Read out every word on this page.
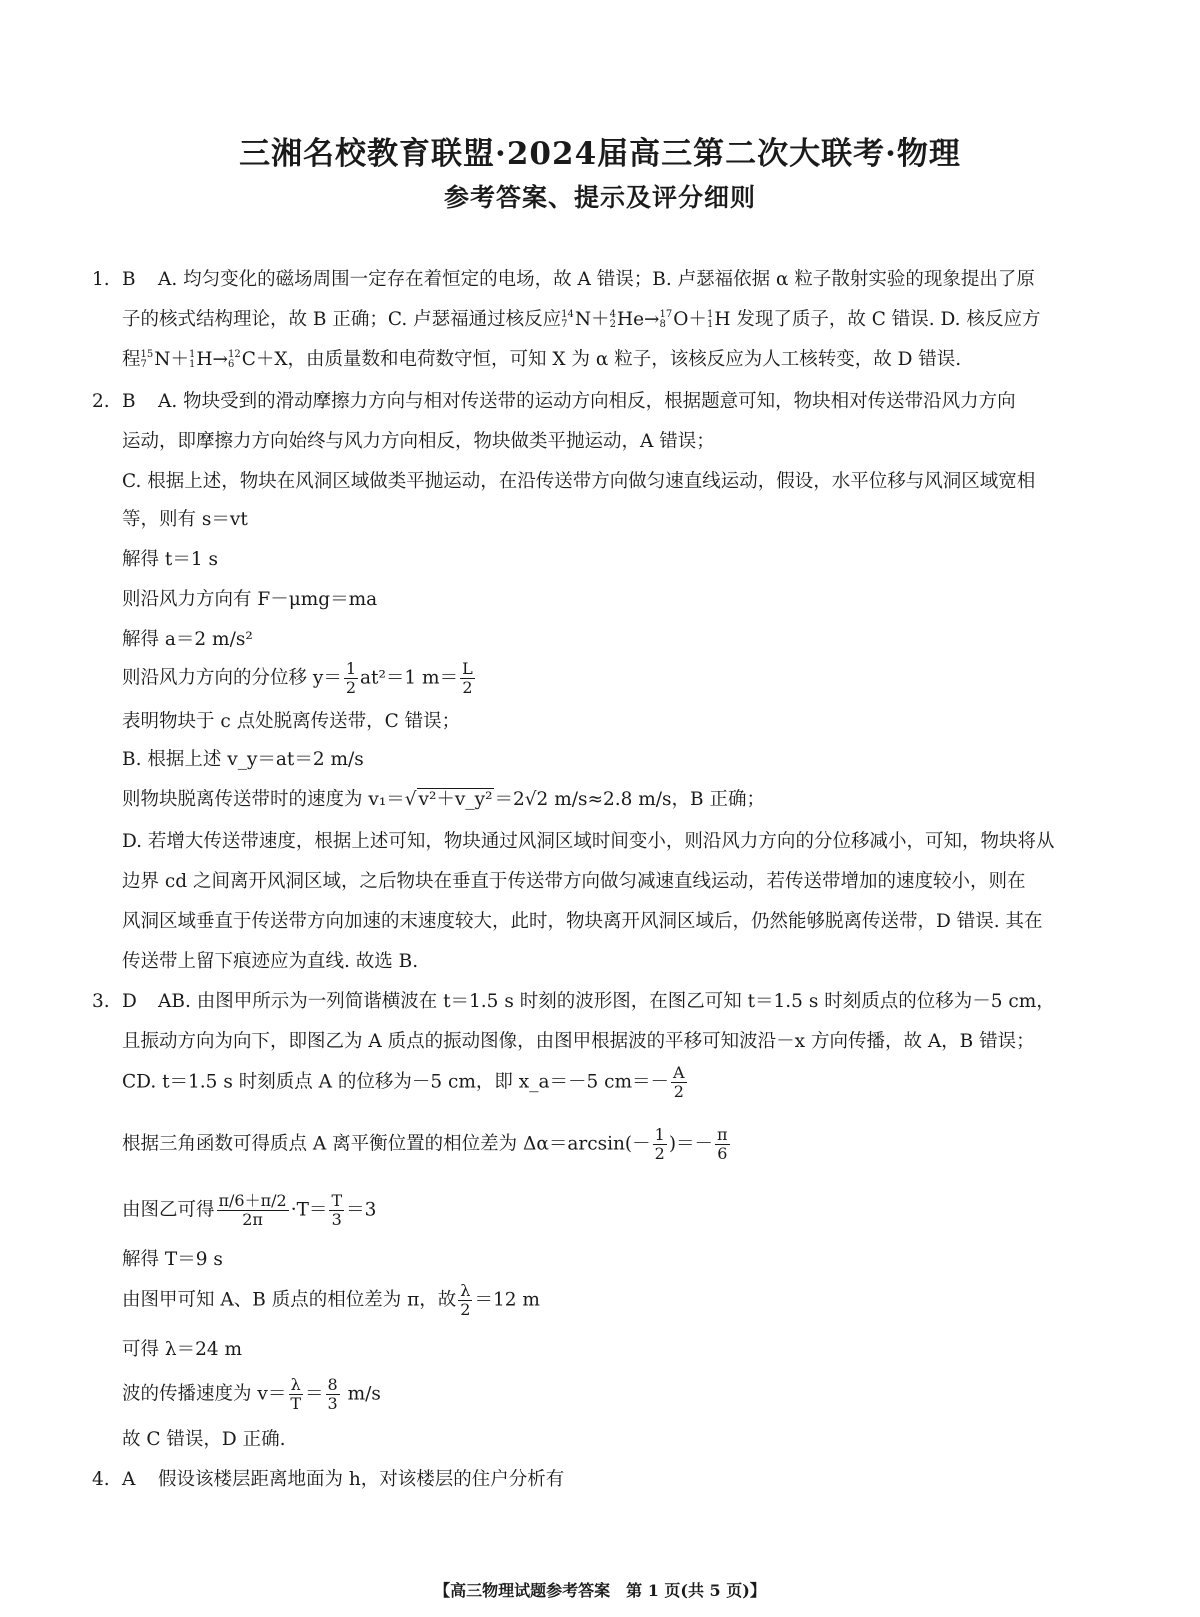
三湘名校教育联盟·2024届高三第二次大联考·物理
参考答案、提示及评分细则
1. B A. 均匀变化的磁场周围一定存在着恒定的电场，故 A 错误；B. 卢瑟福依据 α 粒子散射实验的现象提出了原
子的核式结构理论，故 B 正确；C. 卢瑟福通过核反应 14
7 N＋ 4
2 He→ 17
8 O＋ 1
1 H 发现了质子，故 C 错误. D. 核反应方
程 15
7 N＋ 1
1 H→ 12
6 C＋X，由质量数和电荷数守恒，可知 X 为 α 粒子，该核反应为人工核转变，故 D 错误.
2. B A. 物块受到的滑动摩擦力方向与相对传送带的运动方向相反，根据题意可知，物块相对传送带沿风力方向
运动，即摩擦力方向始终与风力方向相反，物块做类平抛运动，A 错误；
C. 根据上述，物块在风洞区域做类平抛运动，在沿传送带方向做匀速直线运动，假设，水平位移与风洞区域宽相
等，则有 s＝vt
解得 t＝1 s
则沿风力方向有 F－μmg＝ma
解得 a＝2 m/s²
则沿风力方向的分位移 $y= \frac{1}{2} at^2=1$ $m= \frac{L}{2}$
表明物块于 c 点处脱离传送带，C 错误；
B. 根据上述 v_y＝at＝2 m/s
则物块脱离传送带时的速度为 v₁＝√ v²＋v_y² ＝2√2 m/s≈2.8 m/s，B 正确；
D. 若增大传送带速度，根据上述可知，物块通过风洞区域时间变小，则沿风力方向的分位移减小，可知，物块将从
边界 cd 之间离开风洞区域，之后物块在垂直于传送带方向做匀减速直线运动，若传送带增加的速度较小，则在
风洞区域垂直于传送带方向加速的末速度较大，此时，物块离开风洞区域后，仍然能够脱离传送带，D 错误. 其在
传送带上留下痕迹应为直线. 故选 B.
3. D AB. 由图甲所示为一列简谐横波在 t＝1.5 s 时刻的波形图，在图乙可知 t＝1.5 s 时刻质点的位移为－5 cm，
且振动方向为向下，即图乙为 A 质点的振动图像，由图甲根据波的平移可知波沿－x 方向传播，故 A，B 错误；
CD. t＝1.5 s 时刻质点 A 的位移为－5 cm，即 x_a＝－5 $cm=- \frac{A}{2}$
根据三角函数可得质点 A 离平衡位置的相位差为 $\Delta\alpha=\arcsin(- \frac{1}{2}$ )＝－ $\frac{\pi}{6}$
由图乙可得 $\frac{\pi/6+\pi/2}{2\pi} \cdot T= \frac{T}{3} =3$
解得 T＝9 s
由图甲可知 A、B 质点的相位差为 π，故 $\frac{\lambda}{2} =12$ m
可得 λ＝24 m
波的传播速度为 $v= \frac{\lambda}{T} = \frac{8}{3} m/s$
故 C 错误，D 正确.
4. A 假设该楼层距离地面为 h，对该楼层的住户分析有
【高三物理试题参考答案　第 1 页(共 5 页)】
